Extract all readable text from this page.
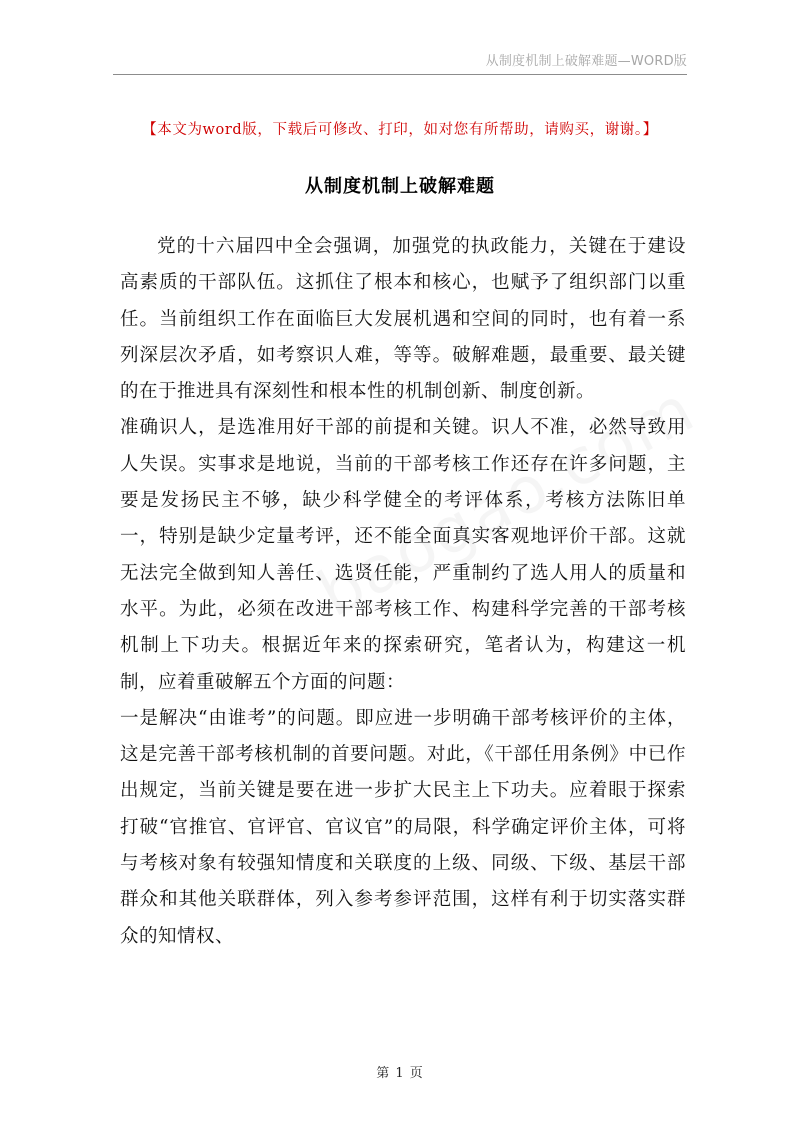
从制度机制上破解难题—WORD版
【本文为word版，下载后可修改、打印，如对您有所帮助，请购买，谢谢。】
从制度机制上破解难题

党的十六届四中全会强调，加强党的执政能力，关键在于建设高素质的干部队伍。这抓住了根本和核心，也赋予了组织部门以重任。当前组织工作在面临巨大发展机遇和空间的同时，也有着一系列深层次矛盾，如考察识人难，等等。破解难题，最重要、最关键的在于推进具有深刻性和根本性的机制创新、制度创新。

准确识人，是选准用好干部的前提和关键。识人不准，必然导致用人失误。实事求是地说，当前的干部考核工作还存在许多问题，主要是发扬民主不够，缺少科学健全的考评体系，考核方法陈旧单一，特别是缺少定量考评，还不能全面真实客观地评价干部。这就无法完全做到知人善任、选贤任能，严重制约了选人用人的质量和水平。为此，必须在改进干部考核工作、构建科学完善的干部考核机制上下功夫。根据近年来的探索研究，笔者认为，构建这一机制，应着重破解五个方面的问题：

一是解决“由谁考”的问题。即应进一步明确干部考核评价的主体，这是完善干部考核机制的首要问题。对此，《干部任用条例》中已作出规定，当前关键是要在进一步扩大民主上下功夫。应着眼于探索打破“官推官、官评官、官议官”的局限，科学确定评价主体，可将与考核对象有较强知情度和关联度的上级、同级、下级、基层干部群众和其他关联群体，列入参考参评范围，这样有利于切实落实群众的知情权、

第 1 页
